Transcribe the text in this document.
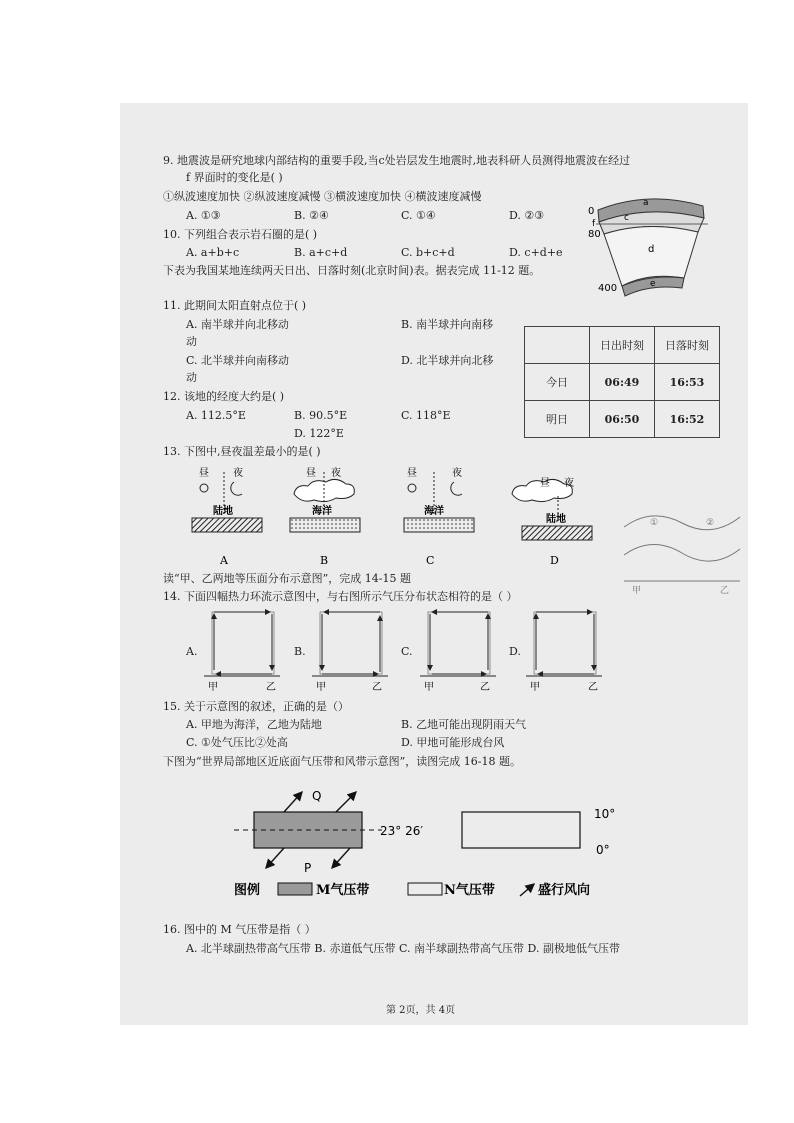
9. 地震波是研究地球内部结构的重要手段,当c处岩层发生地震时,地表科研人员测得地震波在经过
f 界面时的变化是( )
①纵波速度加快 ②纵波速度减慢 ③横波速度加快 ④横波速度减慢
A. ①③	B. ②④	C. ①④	D. ②③
10. 下列组合表示岩石圈的是( )
A. a+b+c	B. a+c+d	C. b+c+d	D. c+d+e
下表为我国某地连续两天日出、日落时刻(北京时间)表。据表完成 11-12 题。
0
f
80
400
a
c
d
e
11. 此期间太阳直射点位于( )
A. 南半球并向北移动
动
B. 南半球并向南移
C. 北半球并向南移动
动
D. 北半球并向北移
	日出时刻	日落时刻
今日	06:49	16:53
明日	06:50	16:52
12. 该地的经度大约是( )
A. 112.5°E	B. 90.5°E	C. 118°E
D. 122°E
13. 下图中,昼夜温差最小的是( )
昼 夜
陆地
A
昼 夜
海洋
B
昼	夜
海洋
C
昼 夜
陆地
D
①	②
甲	乙
读“甲、乙两地等压面分布示意图”，完成 14-15 题
14. 下面四幅热力环流示意图中，与右图所示气压分布状态相符的是（ ）
A.	B.	C.	D.
甲	乙	甲	乙	甲	乙	甲	乙
15. 关于示意图的叙述，正确的是（）
A. 甲地为海洋，乙地为陆地	B. 乙地可能出现阴雨天气
C. ①处气压比②处高	D. 甲地可能形成台风
下图为“世界局部地区近底面气压带和风带示意图”，读图完成 16-18 题。
Q
P
23° 26′
10°
0°
图例	M气压带	N气压带	盛行风向
16. 图中的 M 气压带是指（ ）
A. 北半球副热带高气压带 B. 赤道低气压带 C. 南半球副热带高气压带 D. 副极地低气压带
第 2页，共 4页
